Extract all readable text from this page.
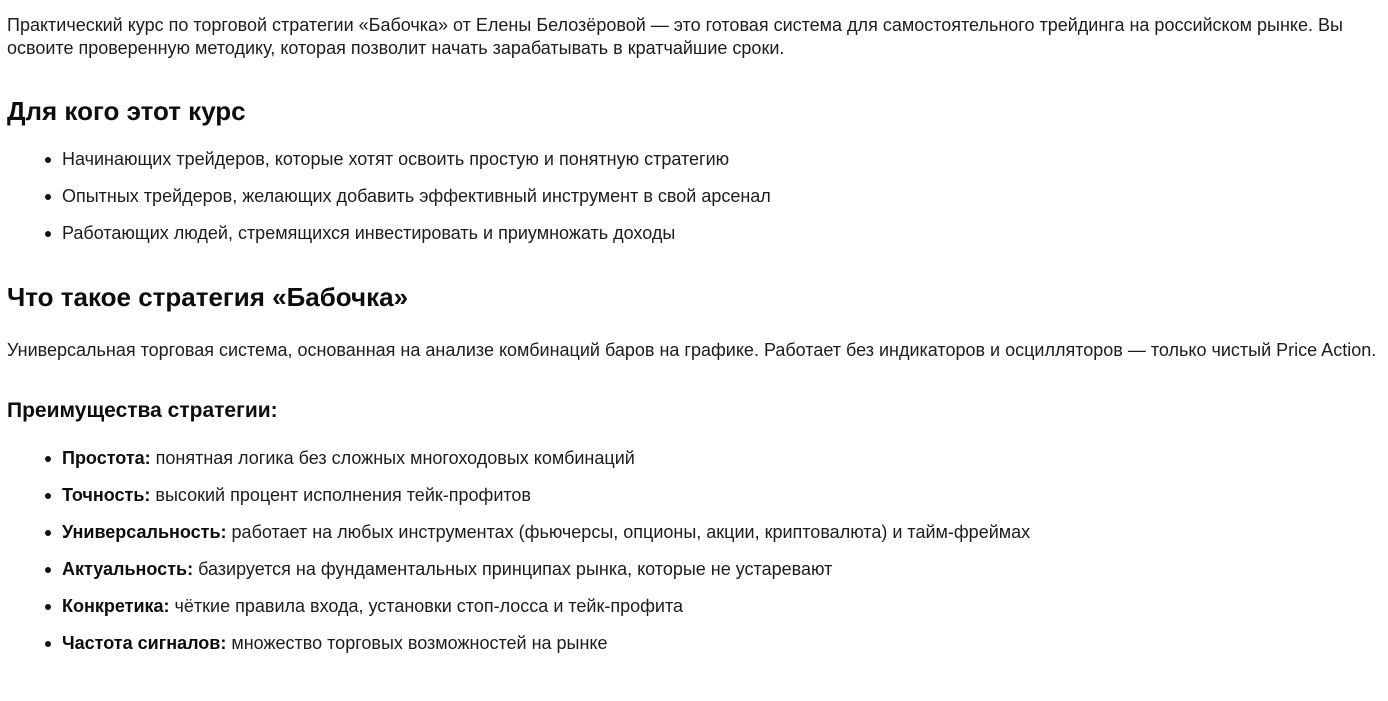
Практический курс по торговой стратегии «Бабочка» от Елены Белозёровой — это готовая система для самостоятельного трейдинга на российском рынке. Вы освоите проверенную методику, которая позволит начать зарабатывать в кратчайшие сроки.

Для кого этот курс
Начинающих трейдеров, которые хотят освоить простую и понятную стратегию
Опытных трейдеров, желающих добавить эффективный инструмент в свой арсенал
Работающих людей, стремящихся инвестировать и приумножать доходы
Что такое стратегия «Бабочка»

Универсальная торговая система, основанная на анализе комбинаций баров на графике. Работает без индикаторов и осцилляторов — только чистый Price Action.

Преимущества стратегии:
Простота: понятная логика без сложных многоходовых комбинаций
Точность: высокий процент исполнения тейк-профитов
Универсальность: работает на любых инструментах (фьючерсы, опционы, акции, криптовалюта) и тайм-фреймах
Актуальность: базируется на фундаментальных принципах рынка, которые не устаревают
Конкретика: чёткие правила входа, установки стоп-лосса и тейк-профита
Частота сигналов: множество торговых возможностей на рынке
